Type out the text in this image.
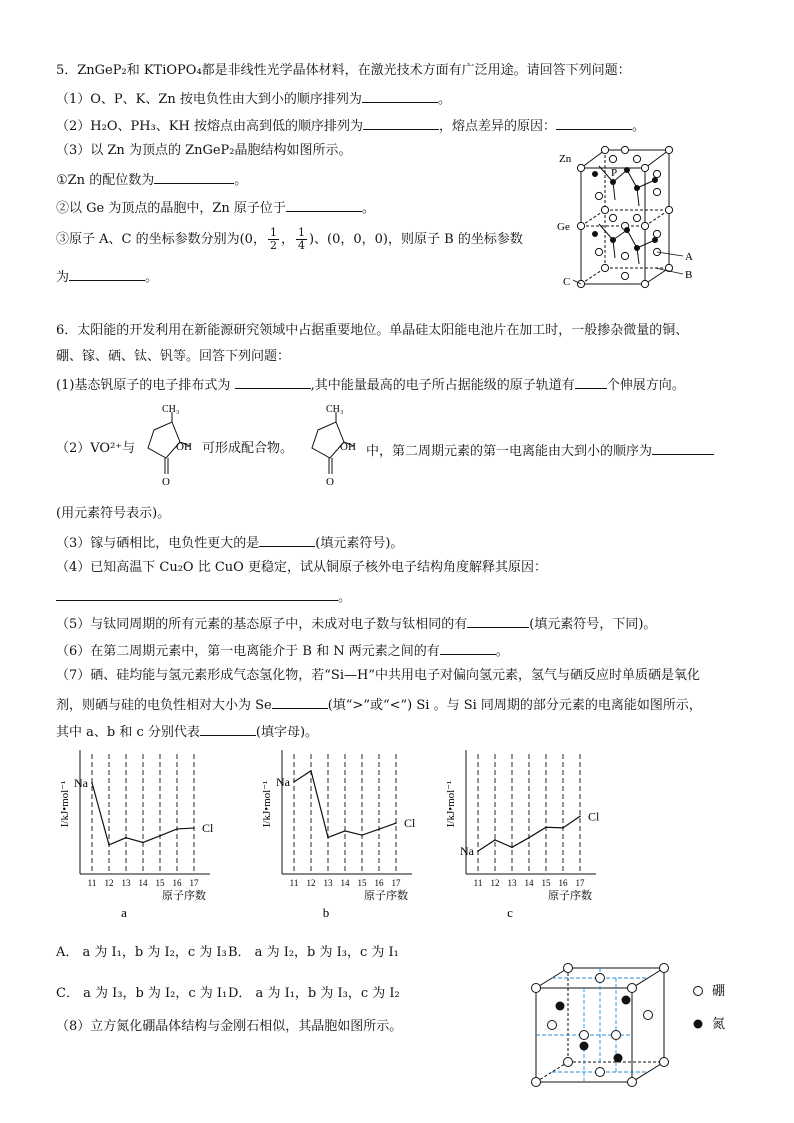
5．ZnGeP₂和 KTiOPO₄都是非线性光学晶体材料，在激光技术方面有广泛用途。请回答下列问题：
（1）O、P、K、Zn 按电负性由大到小的顺序排列为	。
（2）H₂O、PH₃、KH 按熔点由高到低的顺序排列为	，熔点差异的原因：	。
（3）以 Zn 为顶点的 ZnGeP₂晶胞结构如图所示。
①Zn 的配位数为	。
②以 Ge 为顶点的晶胞中，Zn 原子位于	。
③原子 A、C 的坐标参数分别为(0， $\frac{1}{2}$ ， $\frac{1}{4}$ )、(0，0，0)，则原子 B 的坐标参数
为	。
Zn
P
Ge
A
B
C
6．太阳能的开发利用在新能源研究领域中占据重要地位。单晶硅太阳能电池片在加工时，一般掺杂微量的铜、
硼、镓、硒、钛、钒等。回答下列问题：
(1)基态钒原子的电子排布式为	,其中能量最高的电子所占据能级的原子轨道有 个伸展方向。
（2）VO²⁺与
CH₃
OH
O
可形成配合物。
CH₃
OH
O
中，第二周期元素的第一电离能由大到小的顺序为
(用元素符号表示)。
（3）镓与硒相比，电负性更大的是	(填元素符号)。
（4）已知高温下 Cu₂O 比 CuO 更稳定，试从铜原子核外电子结构角度解释其原因：
。
（5）与钛同周期的所有元素的基态原子中，未成对电子数与钛相同的有	(填元素符号，下同)。
（6）在第二周期元素中，第一电离能介于 B 和 N 两元素之间的有	。
（7）硒、硅均能与氢元素形成气态氢化物，若“Si—H”中共用电子对偏向氢元素，氢气与硒反应时单质硒是氧化
剂，则硒与硅的电负性相对大小为 Se	(填“>”或“<”) Si 。与 Si 同周期的部分元素的电离能如图所示，
其中 a、b 和 c 分别代表	(填字母)。
11 12 13 14 15 16 17
Na
Cl
I/kJ•mol⁻¹
原子序数
a
11 12 13 14 15 16 17
Na
Cl
I/kJ•mol⁻¹
原子序数
b
11 12 13 14 15 16 17
Na
Cl
I/kJ•mol⁻¹
原子序数
c
A． a 为 I₁，b 为 I₂，c 为 I₃ B． a 为 I₂，b 为 I₃，c 为 I₁
C． a 为 I₃，b 为 I₂，c 为 I₁ D． a 为 I₁，b 为 I₃，c 为 I₂
（8）立方氮化硼晶体结构与金刚石相似，其晶胞如图所示。
硼
氮
